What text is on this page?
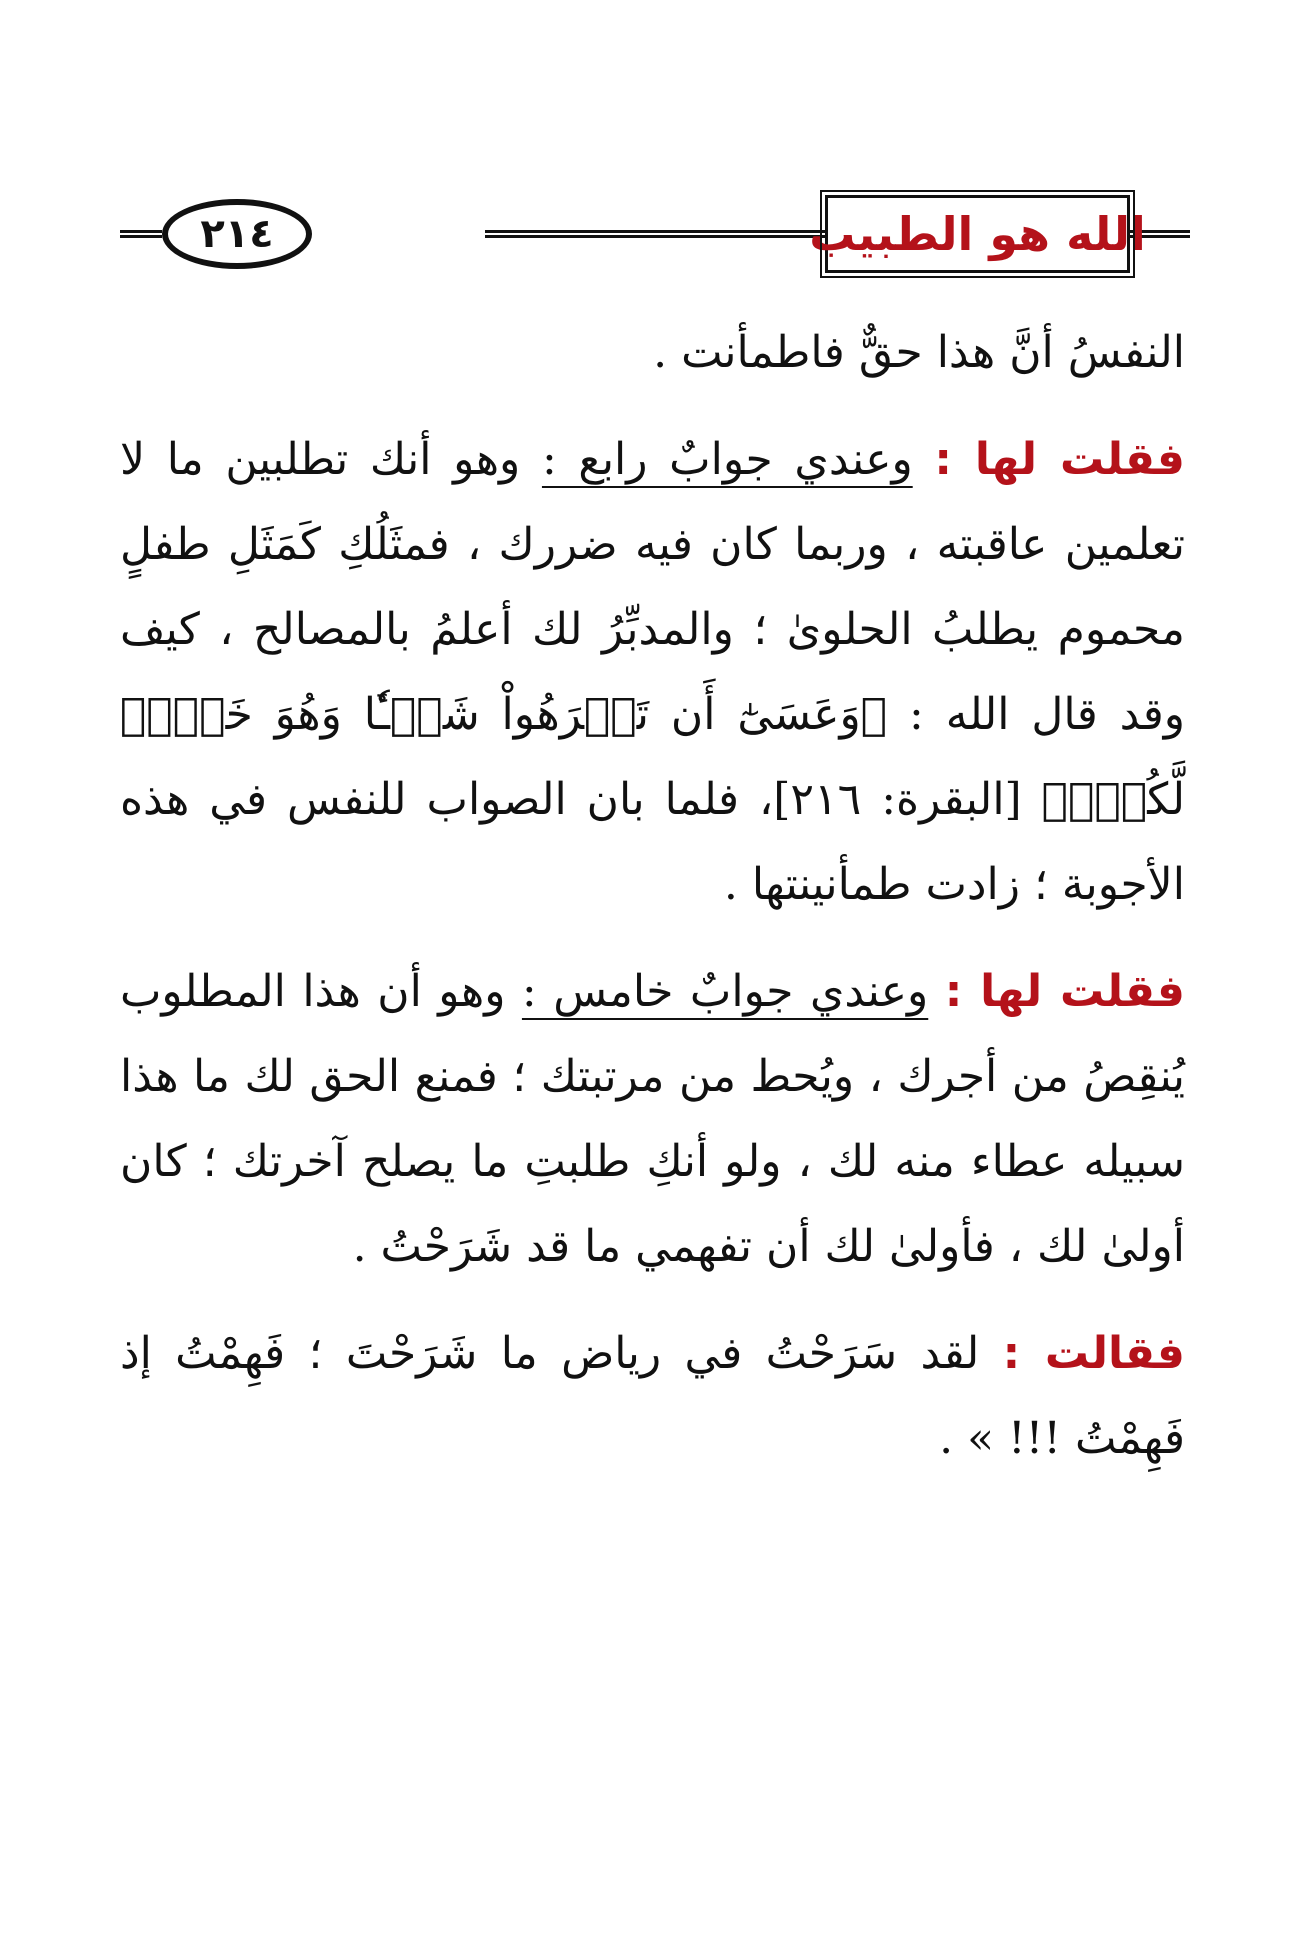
الله هو الطبيب
٢١٤

النفسُ أنَّ هذا حقٌّ فاطمأنت .

فقلت لها : وعندي جوابٌ رابع : وهو أنك تطلبين ما لا تعلمين عاقبته ، وربما كان فيه ضررك ، فمثَلُكِ كَمَثَلِ طفلٍ محموم يطلبُ الحلوىٰ ؛ والمدبِّرُ لك أعلمُ بالمصالح ، كيف وقد قال الله : ﴿وَعَسَىٰٓ أَن تَكۡرَهُواْ شَيۡـٔٗا وَهُوَ خَيۡرٞ لَّكُمۡۖ﴾ [البقرة: ٢١٦]، فلما بان الصواب للنفس في هذه الأجوبة ؛ زادت طمأنينتها .

فقلت لها : وعندي جوابٌ خامس : وهو أن هذا المطلوب يُنقِصُ من أجرك ، ويُحط من مرتبتك ؛ فمنع الحق لك ما هذا سبيله عطاء منه لك ، ولو أنكِ طلبتِ ما يصلح آخرتك ؛ كان أولىٰ لك ، فأولىٰ لك أن تفهمي ما قد شَرَحْتُ .

فقالت : لقد سَرَحْتُ في رياض ما شَرَحْتَ ؛ فَهِمْتُ إذ فَهِمْتُ !!! » .
